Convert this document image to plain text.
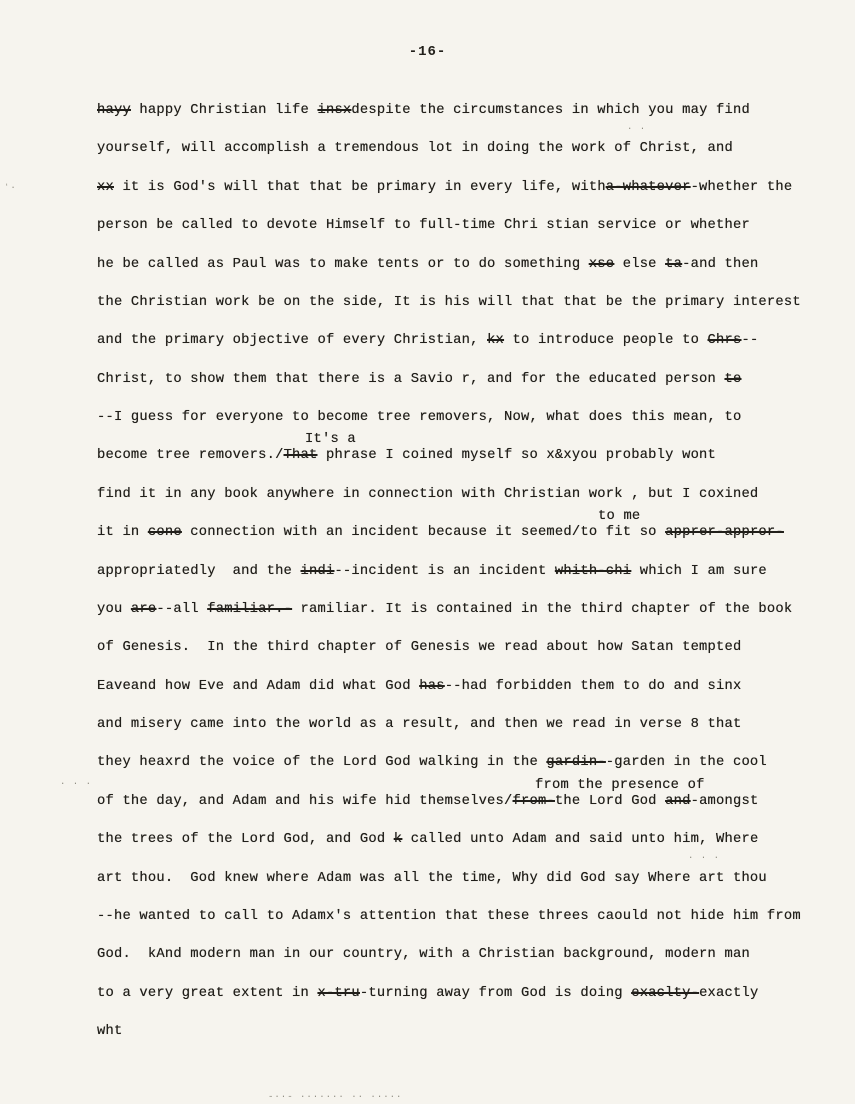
-16-
hayy happy Christian life insxdespite the circumstances in which you may find
yourself, will accomplish a tremendous lot in doing the work of Christ, and
xx it is God's will that that be primary in every life, witha-whatever-whether the
person be called to devote Himself to full-time Chri stian service or whether
he be called as Paul was to make tents or to do something xse else ta-and then
the Christian work be on the side, It is his will that that be the primary interest
and the primary objective of every Christian, kx to introduce people to Chrs--
Christ, to show them that there is a Savio r, and for the educated person te
--I guess for everyone to become tree removers, Now, what does this mean, to
It's a
become tree removers./That phrase I coined myself so x&xyou probably wont
find it in any book anywhere in connection with Christian work , but I coxined
to me
it in cone connection with an incident because it seemed/to fit so apprer-appror-
appropriatedly  and the indi--incident is an incident whith-chi which I am sure
you are--all familiar.- ramiliar. It is contained in the third chapter of the book
of Genesis.  In the third chapter of Genesis we read about how Satan tempted
Eaveand how Eve and Adam did what God has--had forbidden them to do and sinx
and misery came into the world as a result, and then we read in verse 8 that
they heaxrd the voice of the Lord God walking in the gardin--garden in the cool
from the presence of
of the day, and Adam and his wife hid themselves/from-the Lord God and-amongst
the trees of the Lord God, and God k called unto Adam and said unto him, Where
art thou.  God knew where Adam was all the time, Why did God say Where art thou
--he wanted to call to Adamx's attention that these threes caould not hide him from
God.  kAnd modern man in our country, with a Christian background, modern man
to a very great extent in x-tru-turning away from God is doing exaclty-exactly
wht
ʻ·
· ·
· · ·
· · ·
-··- ······· ·· ·····
